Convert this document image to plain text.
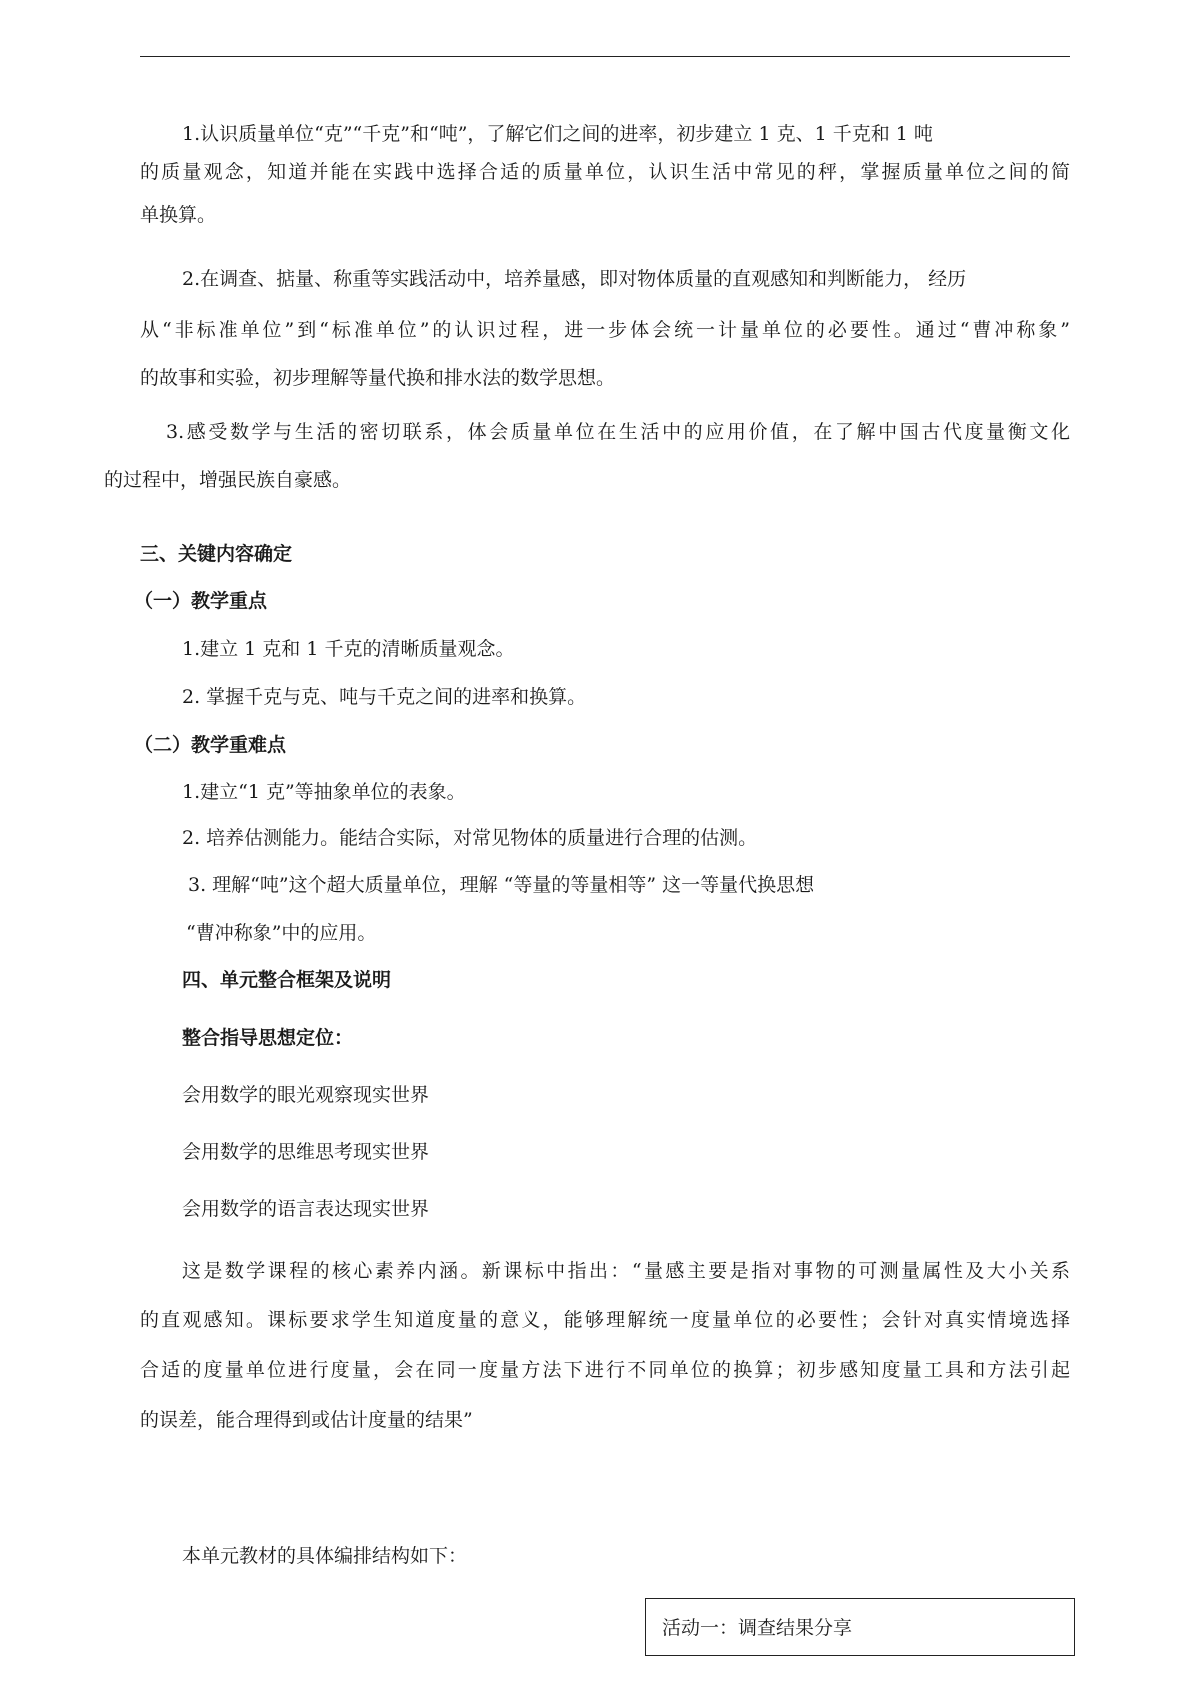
1.认识质量单位“克”“千克”和“吨”，了解它们之间的进率，初步建立 1 克、1 千克和 1 吨
的质量观念，知道并能在实践中选择合适的质量单位，认识生活中常见的秤，掌握质量单位之间的简
单换算。
2.在调查、掂量、称重等实践活动中，培养量感，即对物体质量的直观感知和判断能力， 经历
从“非标准单位”到“标准单位”的认识过程，进一步体会统一计量单位的必要性。通过“曹冲称象”
的故事和实验，初步理解等量代换和排水法的数学思想。
3.感受数学与生活的密切联系，体会质量单位在生活中的应用价值，在了解中国古代度量衡文化
的过程中，增强民族自豪感。
三、关键内容确定
（一）教学重点
1.建立 1 克和 1 千克的清晰质量观念。
2. 掌握千克与克、吨与千克之间的进率和换算。
（二）教学重难点
1.建立“1 克”等抽象单位的表象。
2. 培养估测能力。能结合实际，对常见物体的质量进行合理的估测。
3. 理解“吨”这个超大质量单位，理解 “等量的等量相等” 这一等量代换思想
“曹冲称象”中的应用。
四、单元整合框架及说明
整合指导思想定位：
会用数学的眼光观察现实世界
会用数学的思维思考现实世界
会用数学的语言表达现实世界
这是数学课程的核心素养内涵。新课标中指出：“量感主要是指对事物的可测量属性及大小关系
的直观感知。课标要求学生知道度量的意义，能够理解统一度量单位的必要性；会针对真实情境选择
合适的度量单位进行度量，会在同一度量方法下进行不同单位的换算；初步感知度量工具和方法引起
的误差，能合理得到或估计度量的结果”
本单元教材的具体编排结构如下：
活动一：调查结果分享
